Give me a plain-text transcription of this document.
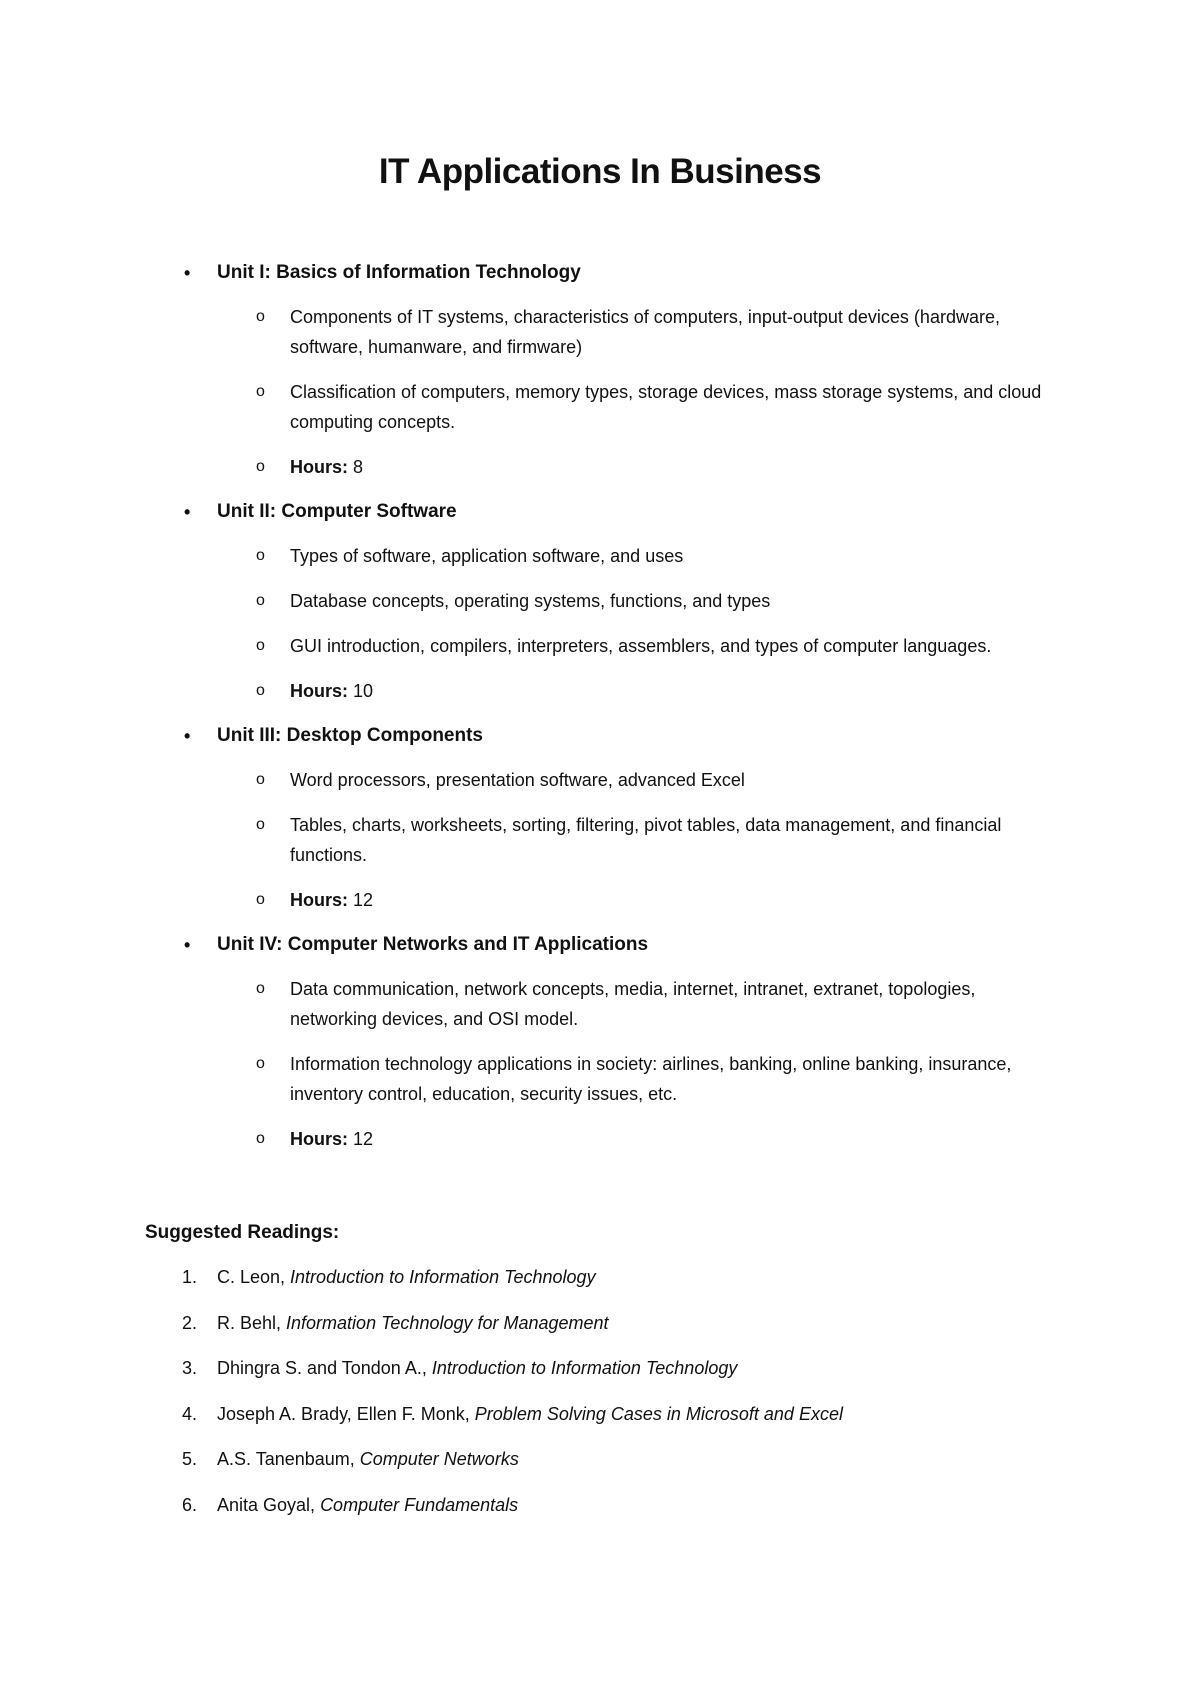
IT Applications In Business
• Unit I: Basics of Information Technology
o Components of IT systems, characteristics of computers, input-output devices (hardware, software, humanware, and firmware)
o Classification of computers, memory types, storage devices, mass storage systems, and cloud computing concepts.
o Hours: 8
• Unit II: Computer Software
o Types of software, application software, and uses
o Database concepts, operating systems, functions, and types
o GUI introduction, compilers, interpreters, assemblers, and types of computer languages.
o Hours: 10
• Unit III: Desktop Components
o Word processors, presentation software, advanced Excel
o Tables, charts, worksheets, sorting, filtering, pivot tables, data management, and financial functions.
o Hours: 12
• Unit IV: Computer Networks and IT Applications
o Data communication, network concepts, media, internet, intranet, extranet, topologies, networking devices, and OSI model.
o Information technology applications in society: airlines, banking, online banking, insurance, inventory control, education, security issues, etc.
o Hours: 12
Suggested Readings:
1. C. Leon, Introduction to Information Technology
2. R. Behl, Information Technology for Management
3. Dhingra S. and Tondon A., Introduction to Information Technology
4. Joseph A. Brady, Ellen F. Monk, Problem Solving Cases in Microsoft and Excel
5. A.S. Tanenbaum, Computer Networks
6. Anita Goyal, Computer Fundamentals
